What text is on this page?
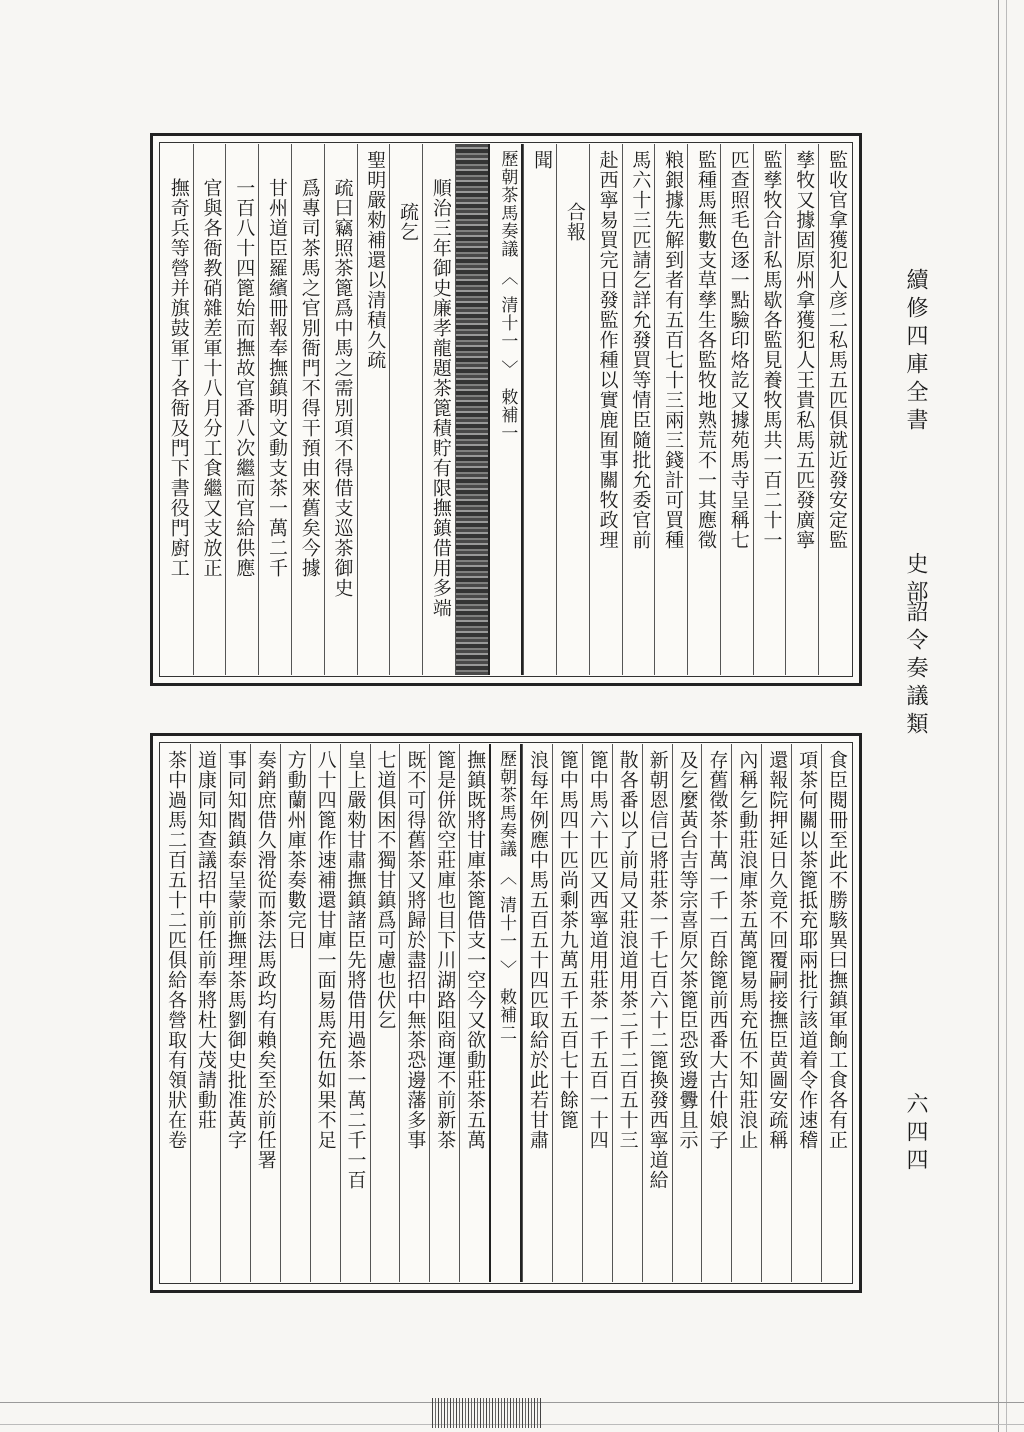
續修四庫全書
史部
詔令奏議類
六四四
監收官拿獲犯人彦二私馬五匹俱就近發安定監
孳牧又據固原州拿獲犯人王貴私馬五匹發廣寧
監孳牧合計私馬歇各監見養牧馬共一百二十一
匹查照毛色逐一點驗印烙訖又據苑馬寺呈稱七
監種馬無數支草孳生各監牧地熟荒不一其應徵
粮銀據先解到者有五百七十三兩三錢計可買種
馬六十三匹請乞詳允發買等情臣隨批允委官前
赴西寧易買完日發監作種以實鹿囿事關牧政理
合報
聞
歷朝茶馬奏議︿清十一﹀敕補一
順治三年御史廉孝龍題茶篦積貯有限撫鎮借用多端
疏乞
聖明嚴勑補還以清積久疏
疏曰竊照茶篦爲中馬之需別項不得借支巡茶御史
爲專司茶馬之官別衙門不得干預由來舊矣今據
甘州道臣羅繽冊報奉撫鎮明文動支茶一萬二千
一百八十四篦始而撫故官番八次繼而官給供應
官與各衙教硝雜差軍十八月分工食繼又支放正
撫奇兵等營并旗鼓軍丁各衙及門下書役門廚工
食臣閱冊至此不勝駭異曰撫鎮軍餉工食各有正
項茶何關以茶篦抵充耶兩批行該道着令作速稽
還報院押延日久竟不回覆嗣接撫臣黄圖安疏稱
內稱乞動莊浪庫茶五萬篦易馬充伍不知莊浪止
存舊徵茶十萬一千一百餘篦前西番大古什娘子
及乞麼黃台吉等宗喜原欠茶篦臣恐致邊釁且示
新朝恩信已將莊茶一千七百六十二篦換發西寧道給
散各番以了前局又莊浪道用茶二千二百五十三
篦中馬六十匹又西寧道用莊茶一千五百一十四
篦中馬四十匹尚剩茶九萬五千五百七十餘篦
浪每年例應中馬五百五十四匹取給於此若甘肅
歷朝茶馬奏議︿清十一﹀敕補二
撫鎮既將甘庫茶篦借支一空今又欲動莊茶五萬
篦是併欲空莊庫也目下川湖路阻商運不前新茶
既不可得舊茶又將歸於盡招中無茶恐邊藩多事
七道俱困不獨甘鎮爲可慮也伏乞
皇上嚴勑甘肅撫鎮諸臣先將借用過茶一萬二千一百
八十四篦作速補還甘庫一面易馬充伍如果不足
方動蘭州庫茶奏數完日
奏銷庶借久滑從而茶法馬政均有賴矣至於前任署
事同知閻鎮泰呈蒙前撫理茶馬劉御史批准黃字
道康同知查議招中前任前奉將杜大茂請動莊
茶中過馬二百五十二匹俱給各營取有領狀在卷
